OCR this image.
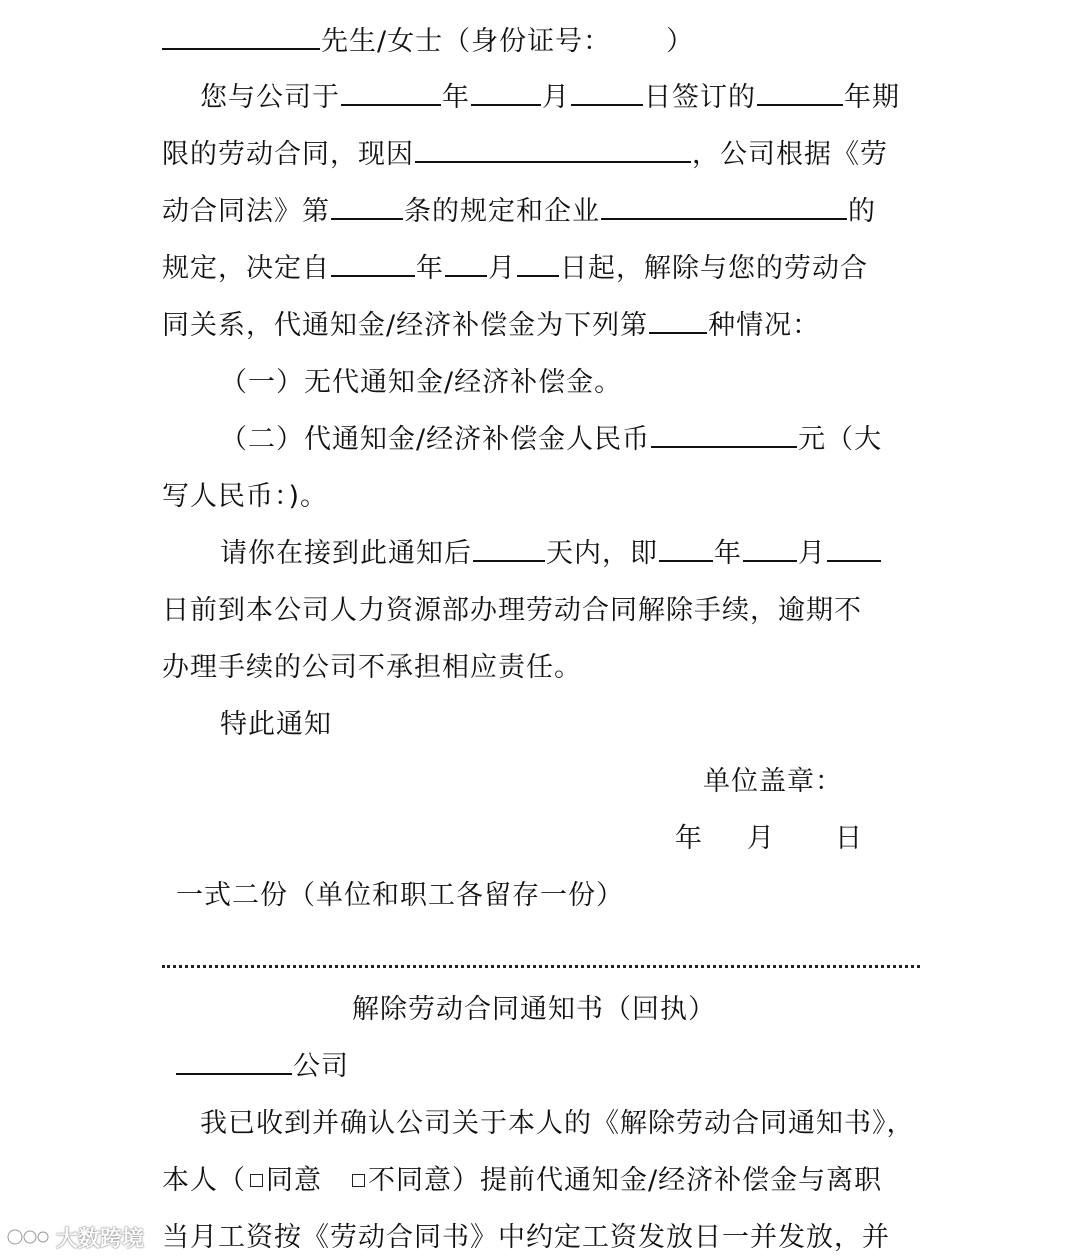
先生/女士（身份证号： ）
您与公司于	年	月	日签订的	年期
限的劳动合同，现因	，公司根据《劳
动合同法》第	条的规定和企业	的
规定，决定自	年 月 日起，解除与您的劳动合
同关系，代通知金/经济补偿金为下列第 种情况：
（一）无代通知金/经济补偿金。
（二）代通知金/经济补偿金人民币	元（大
写人民币：)。
请你在接到此通知后	天内，即 年 月
日前到本公司人力资源部办理劳动合同解除手续，逾期不
办理手续的公司不承担相应责任。
特此通知
单位盖章：
年 月 日
一式二份（单位和职工各留存一份）
解除劳动合同通知书（回执）
公司
我已收到并确认公司关于本人的《解除劳动合同通知书》，
本人（ 同意 不同意）提前代通知金/经济补偿金与离职
当月工资按《劳动合同书》中约定工资发放日一并发放，并
大数跨境
